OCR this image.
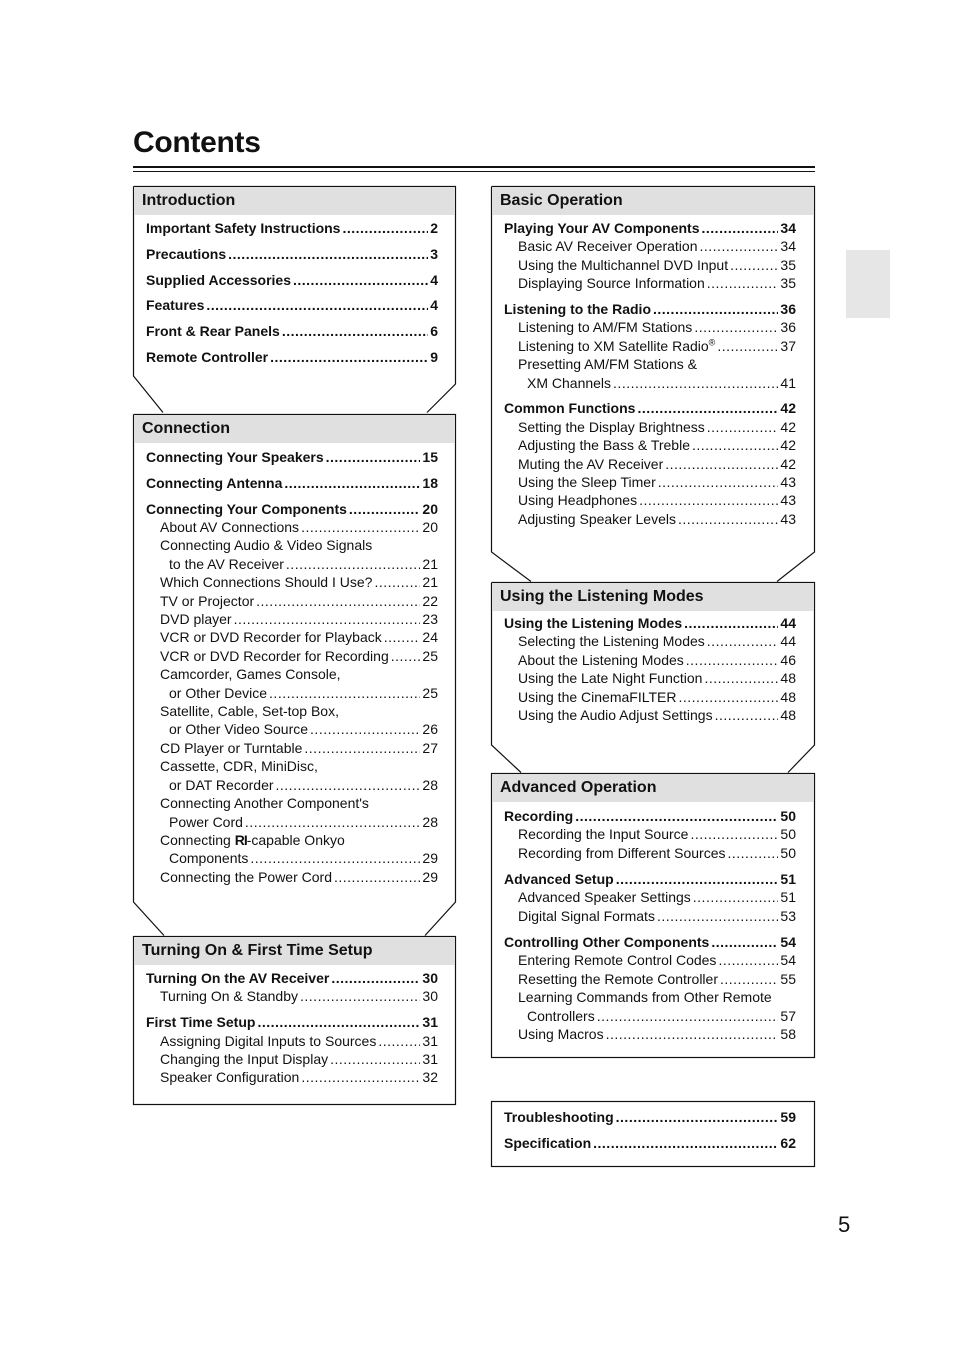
Contents
5
Introduction
Important Safety Instructions .....	2
Precautions .....	3
Supplied Accessories .....	4
Features .....	4
Front & Rear Panels .....	6
Remote Controller .....	9
Connection
Connecting Your Speakers .....	15
Connecting Antenna .....	18
Connecting Your Components .....	20
About AV Connections .....	20
Connecting Audio & Video Signals
to the AV Receiver .....	21
Which Connections Should I Use? .....	21
TV or Projector .....	22
DVD player .....	23
VCR or DVD Recorder for Playback .....	24
VCR or DVD Recorder for Recording ..... 25
Camcorder, Games Console,
or Other Device .....	25
Satellite, Cable, Set-top Box,
or Other Video Source .....	26
CD Player or Turntable .....	27
Cassette, CDR, MiniDisc,
or DAT Recorder .....	28
Connecting Another Component's
Power Cord .....	28
Connecting RI-capable Onkyo
Components .....	29
Connecting the Power Cord .....	29
Turning On & First Time Setup
Turning On the AV Receiver .....	30
Turning On & Standby .....	30
First Time Setup .....	31
Assigning Digital Inputs to Sources .....	31
Changing the Input Display .....	31
Speaker Configuration .....	32
Basic Operation
Playing Your AV Components .....	34
Basic AV Receiver Operation .....	34
Using the Multichannel DVD Input .....	35
Displaying Source Information .....	35
Listening to the Radio .....	36
Listening to AM/FM Stations .....	36
Listening to XM Satellite Radio® .....	37
Presetting AM/FM Stations &
XM Channels .....	41
Common Functions .....	42
Setting the Display Brightness .....	42
Adjusting the Bass & Treble .....	42
Muting the AV Receiver .....	42
Using the Sleep Timer .....	43
Using Headphones .....	43
Adjusting Speaker Levels .....	43
Using the Listening Modes
Using the Listening Modes .....	44
Selecting the Listening Modes .....	44
About the Listening Modes .....	46
Using the Late Night Function .....	48
Using the CinemaFILTER .....	48
Using the Audio Adjust Settings .....	48
Advanced Operation
Recording .....	50
Recording the Input Source .....	50
Recording from Different Sources .....	50
Advanced Setup .....	51
Advanced Speaker Settings .....	51
Digital Signal Formats .....	53
Controlling Other Components .....	54
Entering Remote Control Codes .....	54
Resetting the Remote Controller .....	55
Learning Commands from Other Remote
Controllers .....	57
Using Macros .....	58
Troubleshooting .....	59
Specification .....	62
